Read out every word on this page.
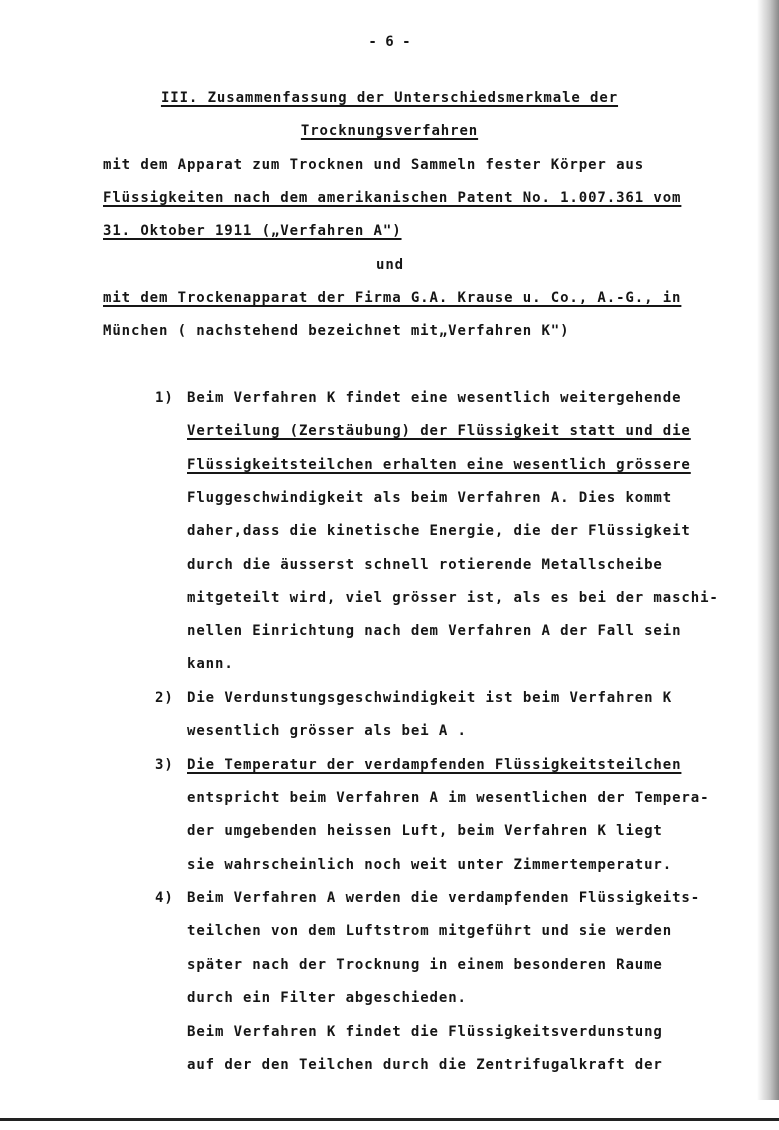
- 6 -
III. Zusammenfassung der Unterschiedsmerkmale der
Trocknungsverfahren
mit dem Apparat zum Trocknen und Sammeln fester Körper aus
Flüssigkeiten nach dem amerikanischen Patent No. 1.007.361 vom
31. Oktober 1911 („Verfahren A")
und
mit dem Trockenapparat der Firma G.A. Krause u. Co., A.-G., in
München ( nachstehend bezeichnet mit„Verfahren K")
1) Beim Verfahren K findet eine wesentlich weitergehende
Verteilung (Zerstäubung) der Flüssigkeit statt und die
Flüssigkeitsteilchen erhalten eine wesentlich grössere
Fluggeschwindigkeit als beim Verfahren A. Dies kommt
daher,dass die kinetische Energie, die der Flüssigkeit
durch die äusserst schnell rotierende Metallscheibe
mitgeteilt wird, viel grösser ist, als es bei der maschi-
nellen Einrichtung nach dem Verfahren A der Fall sein
kann.
2) Die Verdunstungsgeschwindigkeit ist beim Verfahren K
wesentlich grösser als bei A .
3) Die Temperatur der verdampfenden Flüssigkeitsteilchen
entspricht beim Verfahren A im wesentlichen der Tempera-
der umgebenden heissen Luft, beim Verfahren K liegt
sie wahrscheinlich noch weit unter Zimmertemperatur.
4) Beim Verfahren A werden die verdampfenden Flüssigkeits-
teilchen von dem Luftstrom mitgeführt und sie werden
später nach der Trocknung in einem besonderen Raume
durch ein Filter abgeschieden.
Beim Verfahren K findet die Flüssigkeitsverdunstung
auf der den Teilchen durch die Zentrifugalkraft der
